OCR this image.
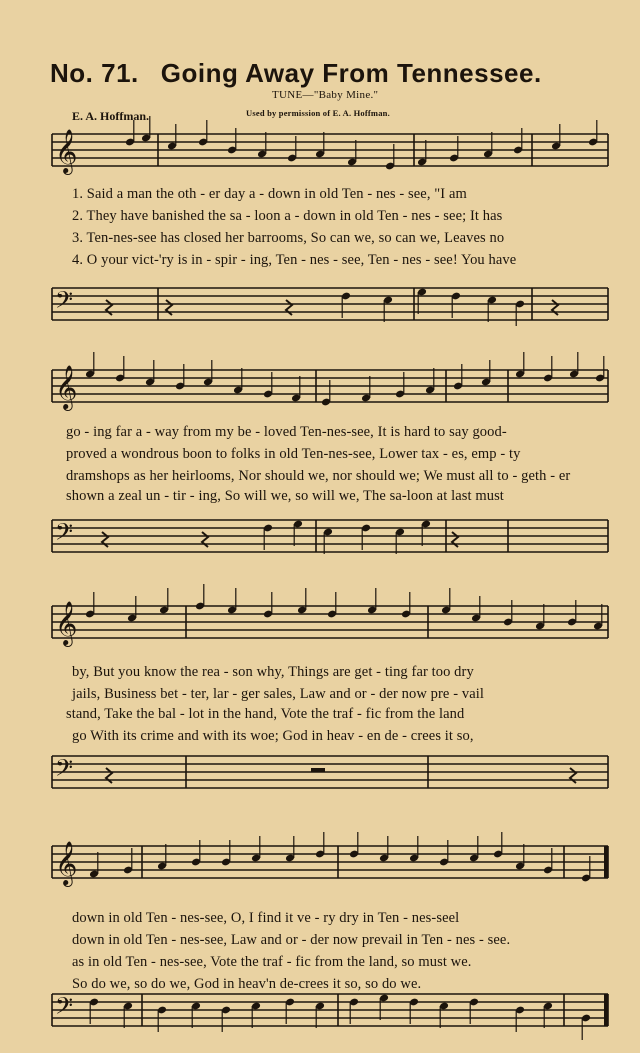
No. 71. Going Away From Tennessee.
TUNE—"Baby Mine."
E. A. Hoffman.	Used by permission of E. A. Hoffman.
𝄞
𝄢
𝄞
𝄢
𝄞
𝄢
𝄞
𝄢
1. Said a man the oth - er day a - down in old Ten - nes - see, "I am
2. They have banished the sa - loon a - down in old Ten - nes - see; It has
3. Ten-nes-see has closed her barrooms, So can we, so can we, Leaves no
4. O your vict-'ry is in - spir - ing, Ten - nes - see, Ten - nes - see! You have
go - ing far a - way from my be - loved Ten-nes-see, It is hard to say good-
proved a wondrous boon to folks in old Ten-nes-see, Lower tax - es, emp - ty
dramshops as her heirlooms, Nor should we, nor should we; We must all to - geth - er
shown a zeal un - tir - ing, So will we, so will we, The sa-loon at last must
by, But you know the rea - son why, Things are get - ting far too dry
jails, Business bet - ter, lar - ger sales, Law and or - der now pre - vail
stand, Take the bal - lot in the hand, Vote the traf - fic from the land
go With its crime and with its woe; God in heav - en de - crees it so,
down in old Ten - nes-see, O, I find it ve - ry dry in Ten - nes-seel
down in old Ten - nes-see, Law and or - der now prevail in Ten - nes - see.
as in old Ten - nes-see, Vote the traf - fic from the land, so must we.
So do we, so do we, God in heav'n de-crees it so, so do we.
